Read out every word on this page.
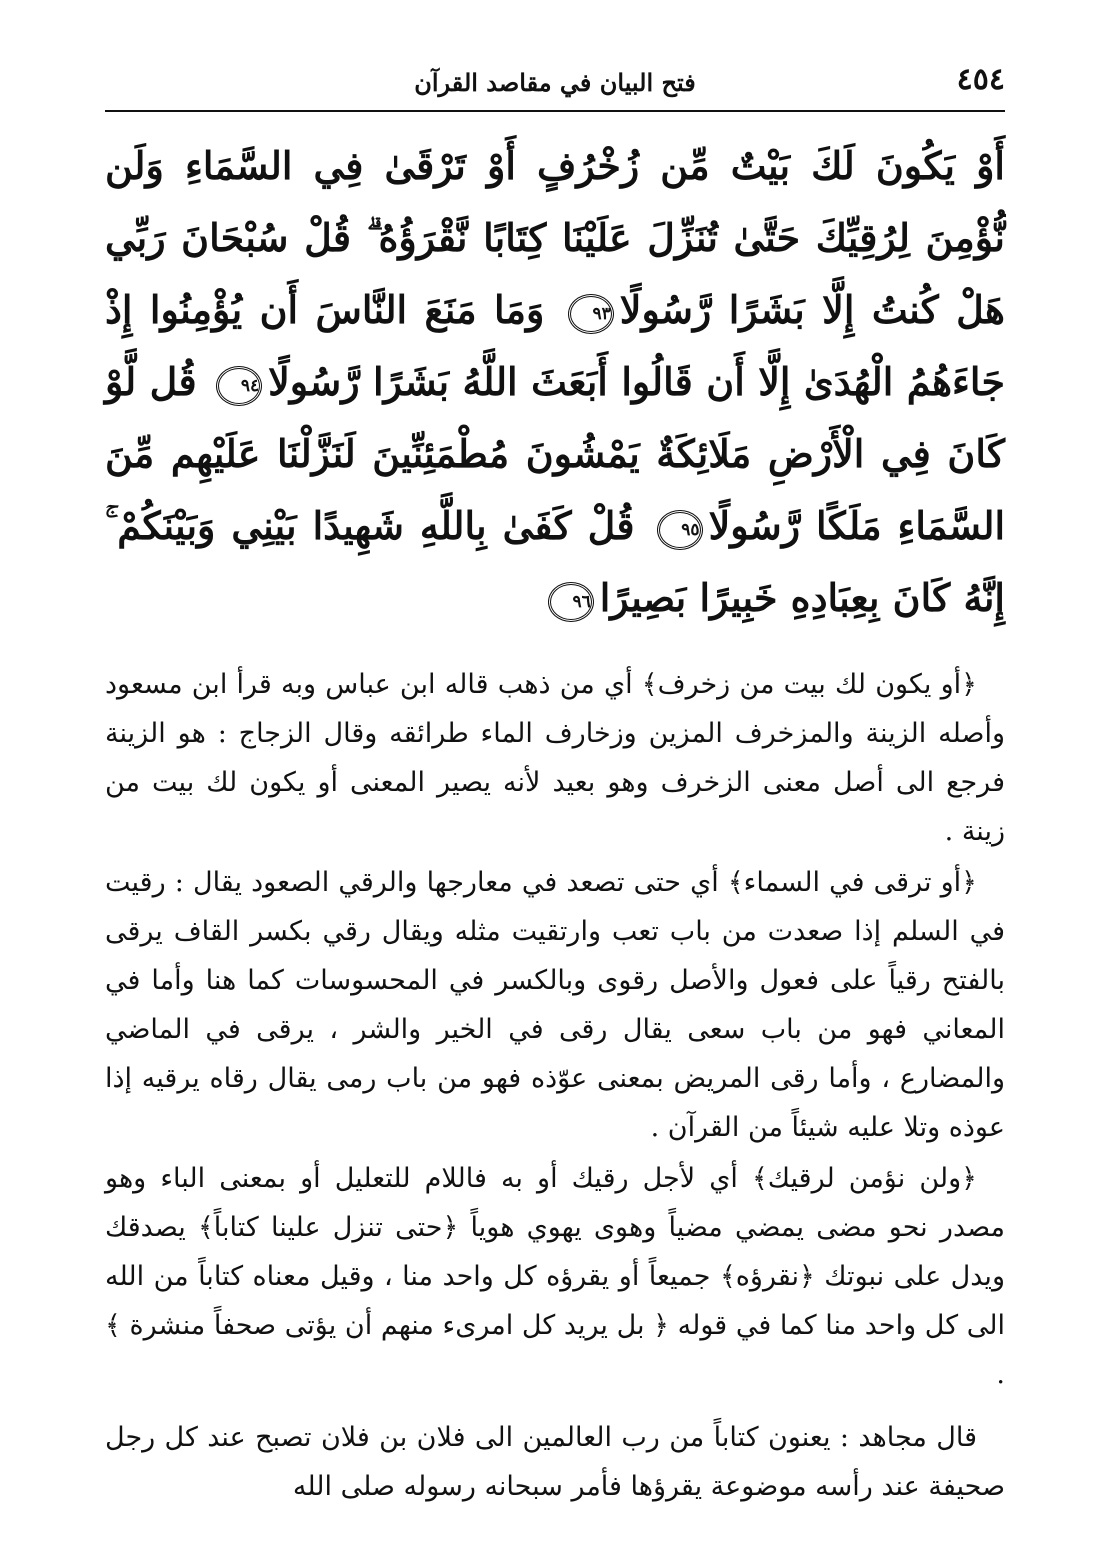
٤٥٤
فتح البيان في مقاصد القرآن
أَوْ يَكُونَ لَكَ بَيْتٌ مِّن زُخْرُفٍ أَوْ تَرْقَىٰ فِي السَّمَاءِ وَلَن نُّؤْمِنَ لِرُقِيِّكَ حَتَّىٰ تُنَزِّلَ عَلَيْنَا كِتَابًا نَّقْرَؤُهُ ۗ قُلْ سُبْحَانَ رَبِّي هَلْ كُنتُ إِلَّا بَشَرًا رَّسُولًا٩٣ وَمَا مَنَعَ النَّاسَ أَن يُؤْمِنُوا إِذْ جَاءَهُمُ الْهُدَىٰ إِلَّا أَن قَالُوا أَبَعَثَ اللَّهُ بَشَرًا رَّسُولًا٩٤ قُل لَّوْ كَانَ فِي الْأَرْضِ مَلَائِكَةٌ يَمْشُونَ مُطْمَئِنِّينَ لَنَزَّلْنَا عَلَيْهِم مِّنَ السَّمَاءِ مَلَكًا رَّسُولًا٩٥ قُلْ كَفَىٰ بِاللَّهِ شَهِيدًا بَيْنِي وَبَيْنَكُمْ ۚ إِنَّهُ كَانَ بِعِبَادِهِ خَبِيرًا بَصِيرًا٩٦

﴿أو يكون لك بيت من زخرف﴾ أي من ذهب قاله ابن عباس وبه قرأ ابن مسعود وأصله الزينة والمزخرف المزين وزخارف الماء طرائقه وقال الزجاج : هو الزينة فرجع الى أصل معنى الزخرف وهو بعيد لأنه يصير المعنى أو يكون لك بيت من زينة .

﴿أو ترقى في السماء﴾ أي حتى تصعد في معارجها والرقي الصعود يقال : رقيت في السلم إذا صعدت من باب تعب وارتقيت مثله ويقال رقي بكسر القاف يرقى بالفتح رقياً على فعول والأصل رقوى وبالكسر في المحسوسات كما هنا وأما في المعاني فهو من باب سعى يقال رقى في الخير والشر ، يرقى في الماضي والمضارع ، وأما رقى المريض بمعنى عوّذه فهو من باب رمى يقال رقاه يرقيه إذا عوذه وتلا عليه شيئاً من القرآن .

﴿ولن نؤمن لرقيك﴾ أي لأجل رقيك أو به فاللام للتعليل أو بمعنى الباء وهو مصدر نحو مضى يمضي مضياً وهوى يهوي هوياً ﴿حتى تنزل علينا كتاباً﴾ يصدقك ويدل على نبوتك ﴿نقرؤه﴾ جميعاً أو يقرؤه كل واحد منا ، وقيل معناه كتاباً من الله الى كل واحد منا كما في قوله ﴿ بل يريد كل امرىء منهم أن يؤتى صحفاً منشرة ﴾ .

قال مجاهد : يعنون كتاباً من رب العالمين الى فلان بن فلان تصبح عند كل رجل صحيفة عند رأسه موضوعة يقرؤها فأمر سبحانه رسوله صلى الله
